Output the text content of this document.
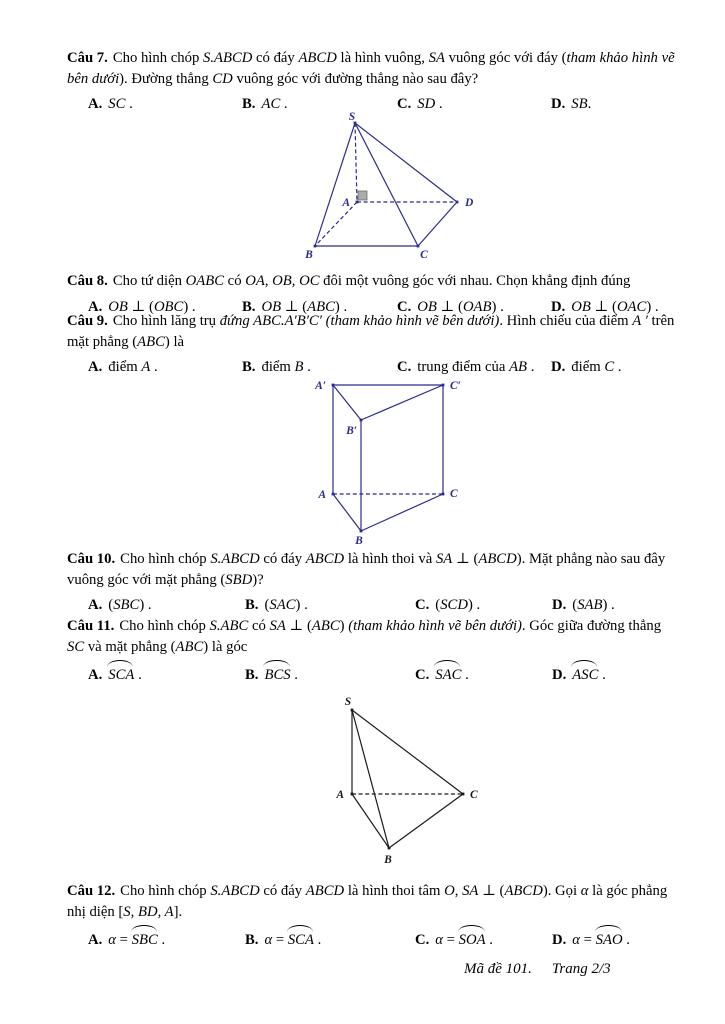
Câu 7. Cho hình chóp S.ABCD có đáy ABCD là hình vuông, SA vuông góc với đáy (tham khảo hình vẽ
bên dưới). Đường thẳng CD vuông góc với đường thẳng nào sau đây?
A. SC .	B. AC .	C. SD .	D. SB.
Câu 8. Cho tứ diện OABC có OA, OB, OC đôi một vuông góc với nhau. Chọn khẳng định đúng
A. OB ⊥ (OBC) .	B. OB ⊥ (ABC) .	C. OB ⊥ (OAB) .	D. OB ⊥ (OAC) .
Câu 9. Cho hình lăng trụ đứng ABC.A′B′C′ (tham khảo hình vẽ bên dưới). Hình chiếu của điểm A ′ trên
mặt phẳng (ABC) là
A. điểm A .	B. điểm B .	C. trung điểm của AB .	D. điểm C .
Câu 10. Cho hình chóp S.ABCD có đáy ABCD là hình thoi và SA ⊥ (ABCD). Mặt phẳng nào sau đây
vuông góc với mặt phẳng (SBD)?
A. (SBC) .	B. (SAC) .	C. (SCD) .	D. (SAB) .
Câu 11. Cho hình chóp S.ABC có SA ⊥ (ABC) (tham khảo hình vẽ bên dưới). Góc giữa đường thẳng
SC và mặt phẳng (ABC) là góc
A. SCA .	B. BCS .	C. SAC .	D. ASC .
Câu 12. Cho hình chóp S.ABCD có đáy ABCD là hình thoi tâm O, SA ⊥ (ABCD). Gọi α là góc phẳng
nhị diện [S, BD, A].
A. α = SBC .	B. α = SCA .	C. α = SOA .	D. α = SAO .
S
A
B	C
D
A′	C′
B′
A	C
B
S
A	C
B
Mã đề 101. Trang 2/3
